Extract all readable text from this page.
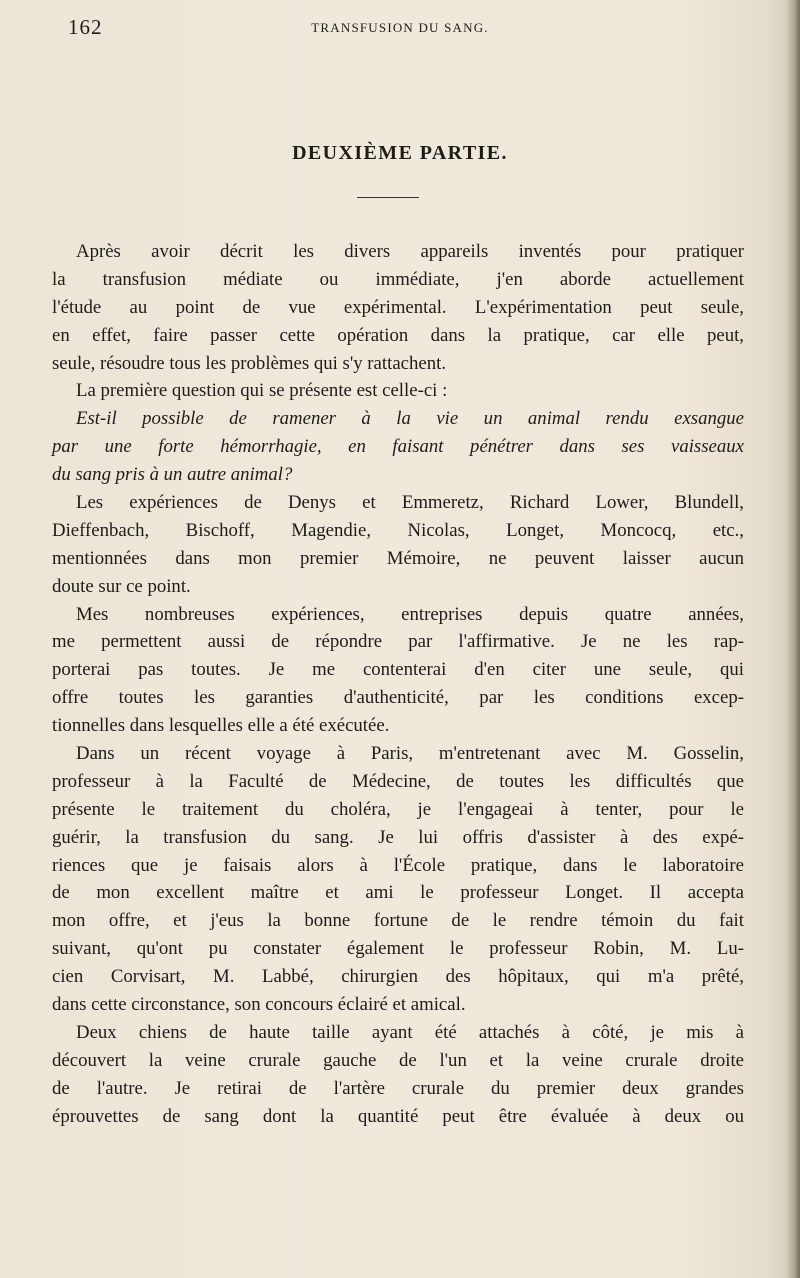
162	TRANSFUSION DU SANG.
DEUXIÈME PARTIE.
Après avoir décrit les divers appareils inventés pour pratiquer
la transfusion médiate ou immédiate, j'en aborde actuellement
l'étude au point de vue expérimental. L'expérimentation peut seule,
en effet, faire passer cette opération dans la pratique, car elle peut,
seule, résoudre tous les problèmes qui s'y rattachent.
La première question qui se présente est celle-ci :
Est-il possible de ramener à la vie un animal rendu exsangue
par une forte hémorrhagie, en faisant pénétrer dans ses vaisseaux
du sang pris à un autre animal?
Les expériences de Denys et Emmeretz, Richard Lower, Blundell,
Dieffenbach, Bischoff, Magendie, Nicolas, Longet, Moncocq, etc.,
mentionnées dans mon premier Mémoire, ne peuvent laisser aucun
doute sur ce point.
Mes nombreuses expériences, entreprises depuis quatre années,
me permettent aussi de répondre par l'affirmative. Je ne les rap-
porterai pas toutes. Je me contenterai d'en citer une seule, qui
offre toutes les garanties d'authenticité, par les conditions excep-
tionnelles dans lesquelles elle a été exécutée.
Dans un récent voyage à Paris, m'entretenant avec M. Gosselin,
professeur à la Faculté de Médecine, de toutes les difficultés que
présente le traitement du choléra, je l'engageai à tenter, pour le
guérir, la transfusion du sang. Je lui offris d'assister à des expé-
riences que je faisais alors à l'École pratique, dans le laboratoire
de mon excellent maître et ami le professeur Longet. Il accepta
mon offre, et j'eus la bonne fortune de le rendre témoin du fait
suivant, qu'ont pu constater également le professeur Robin, M. Lu-
cien Corvisart, M. Labbé, chirurgien des hôpitaux, qui m'a prêté,
dans cette circonstance, son concours éclairé et amical.
Deux chiens de haute taille ayant été attachés à côté, je mis à
découvert la veine crurale gauche de l'un et la veine crurale droite
de l'autre. Je retirai de l'artère crurale du premier deux grandes
éprouvettes de sang dont la quantité peut être évaluée à deux ou
